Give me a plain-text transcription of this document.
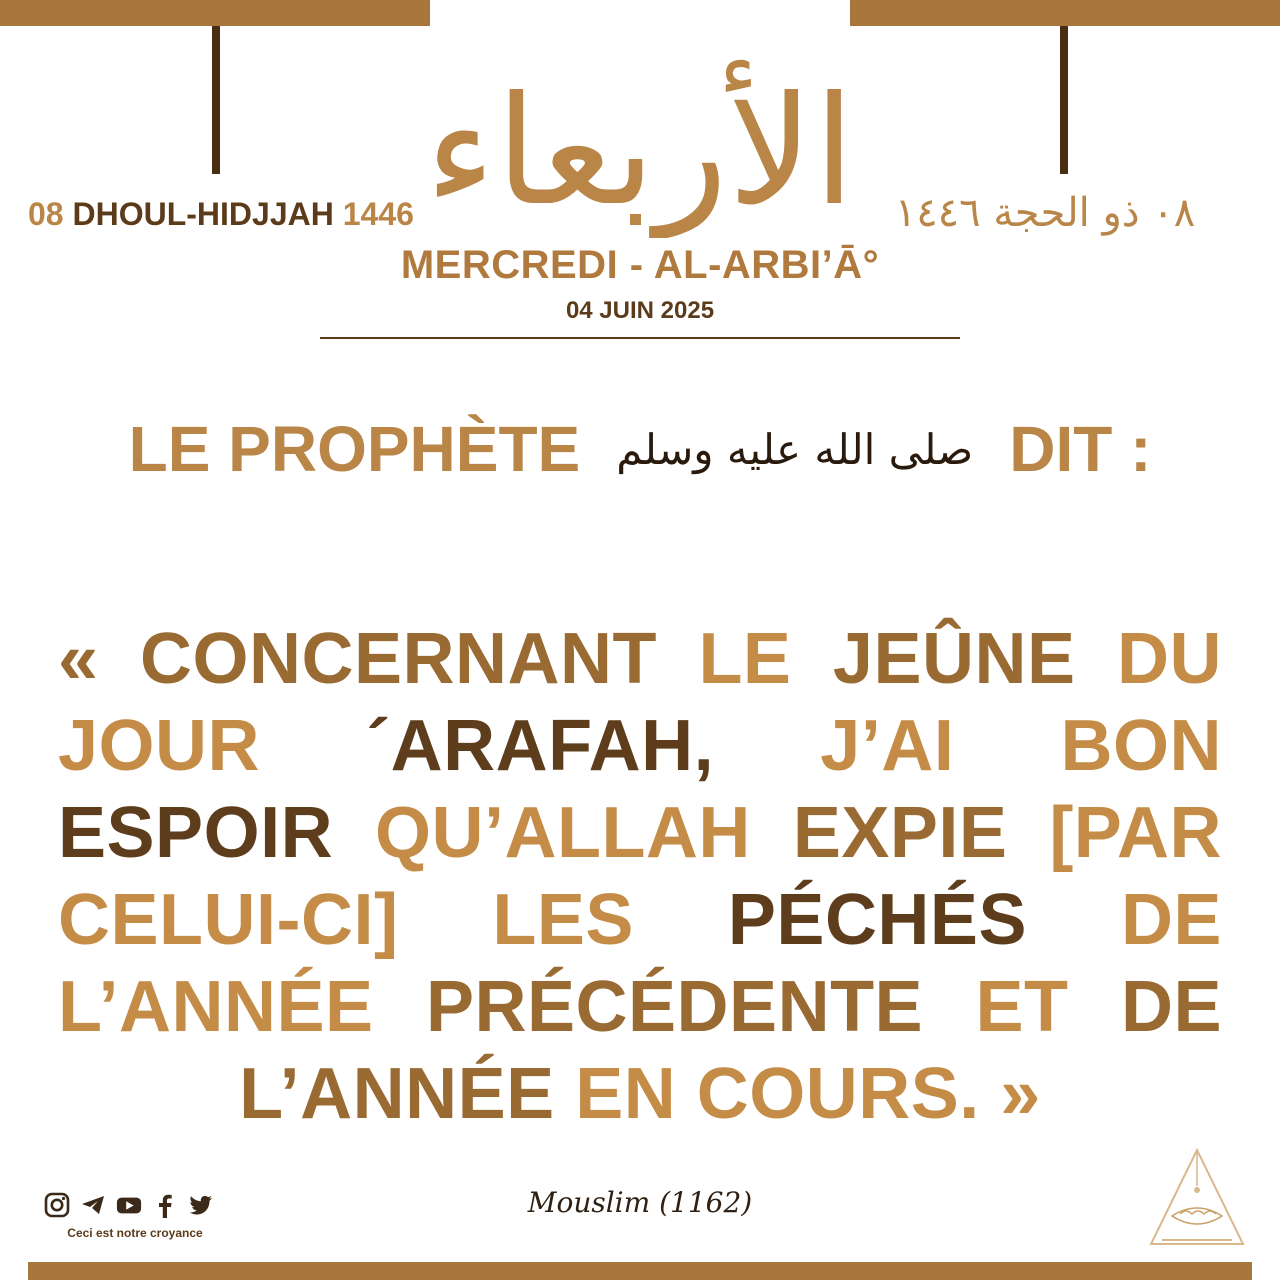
الأربعاء
08 DHOUL-HIDJJAH 1446	٠٨ ذو الحجة ١٤٤٦
MERCREDI - AL-ARBI’Ā°
04 JUIN 2025
LE PROPHÈTE صلى الله عليه وسلم DIT :
« CONCERNANT LE JEÛNE DU JOUR ´ARAFAH, J’AI BON ESPOIR QU’ALLAH EXPIE [PAR CELUI-CI] LES PÉCHÉS DE L’ANNÉE PRÉCÉDENTE ET DE L’ANNÉE EN COURS. »
Ceci est notre croyance
Mouslim (1162)
